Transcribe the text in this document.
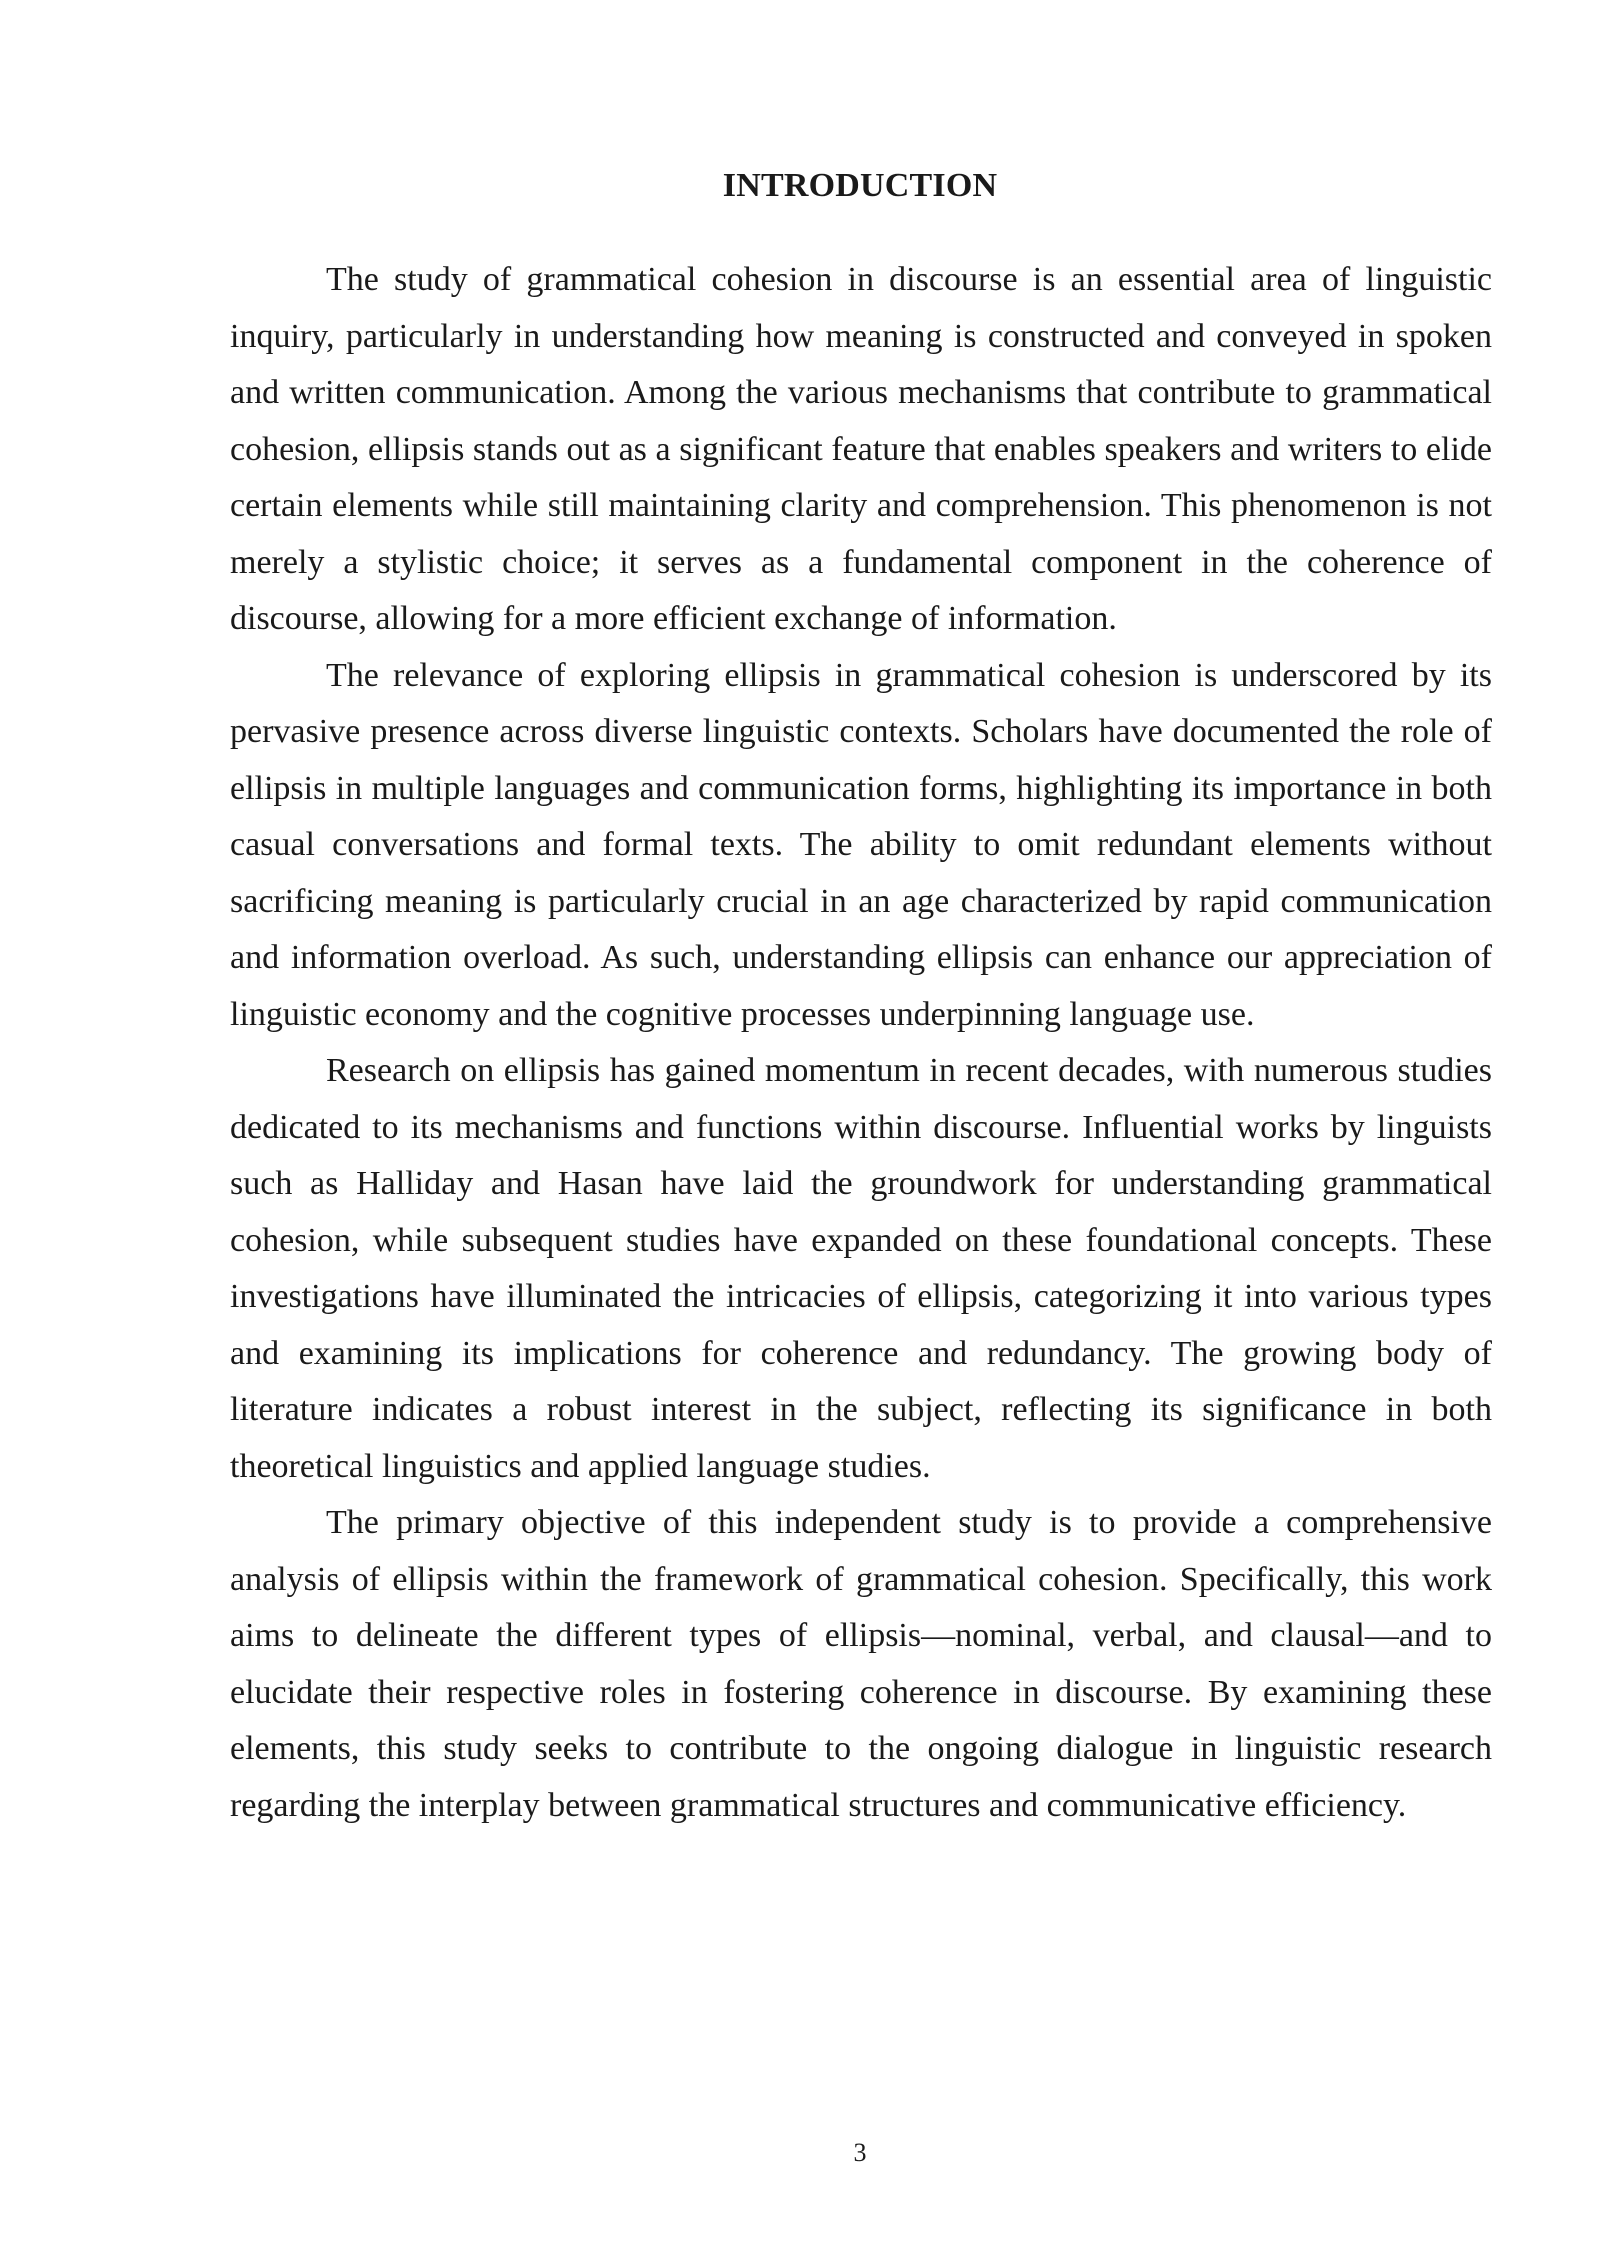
INTRODUCTION

The study of grammatical cohesion in discourse is an essential area of linguistic inquiry, particularly in understanding how meaning is constructed and conveyed in spoken and written communication. Among the various mechanisms that contribute to grammatical cohesion, ellipsis stands out as a significant feature that enables speakers and writers to elide certain elements while still maintaining clarity and comprehension. This phenomenon is not merely a stylistic choice; it serves as a fundamental component in the coherence of discourse, allowing for a more efficient exchange of information.

The relevance of exploring ellipsis in grammatical cohesion is underscored by its pervasive presence across diverse linguistic contexts. Scholars have documented the role of ellipsis in multiple languages and communication forms, highlighting its importance in both casual conversations and formal texts. The ability to omit redundant elements without sacrificing meaning is particularly crucial in an age characterized by rapid communication and information overload. As such, understanding ellipsis can enhance our appreciation of linguistic economy and the cognitive processes underpinning language use.

Research on ellipsis has gained momentum in recent decades, with numerous studies dedicated to its mechanisms and functions within discourse. Influential works by linguists such as Halliday and Hasan have laid the groundwork for understanding grammatical cohesion, while subsequent studies have expanded on these foundational concepts. These investigations have illuminated the intricacies of ellipsis, categorizing it into various types and examining its implications for coherence and redundancy. The growing body of literature indicates a robust interest in the subject, reflecting its significance in both theoretical linguistics and applied language studies.

The primary objective of this independent study is to provide a comprehensive analysis of ellipsis within the framework of grammatical cohesion. Specifically, this work aims to delineate the different types of ellipsis—nominal, verbal, and clausal—and to elucidate their respective roles in fostering coherence in discourse. By examining these elements, this study seeks to contribute to the ongoing dialogue in linguistic research regarding the interplay between grammatical structures and communicative efficiency.

3
